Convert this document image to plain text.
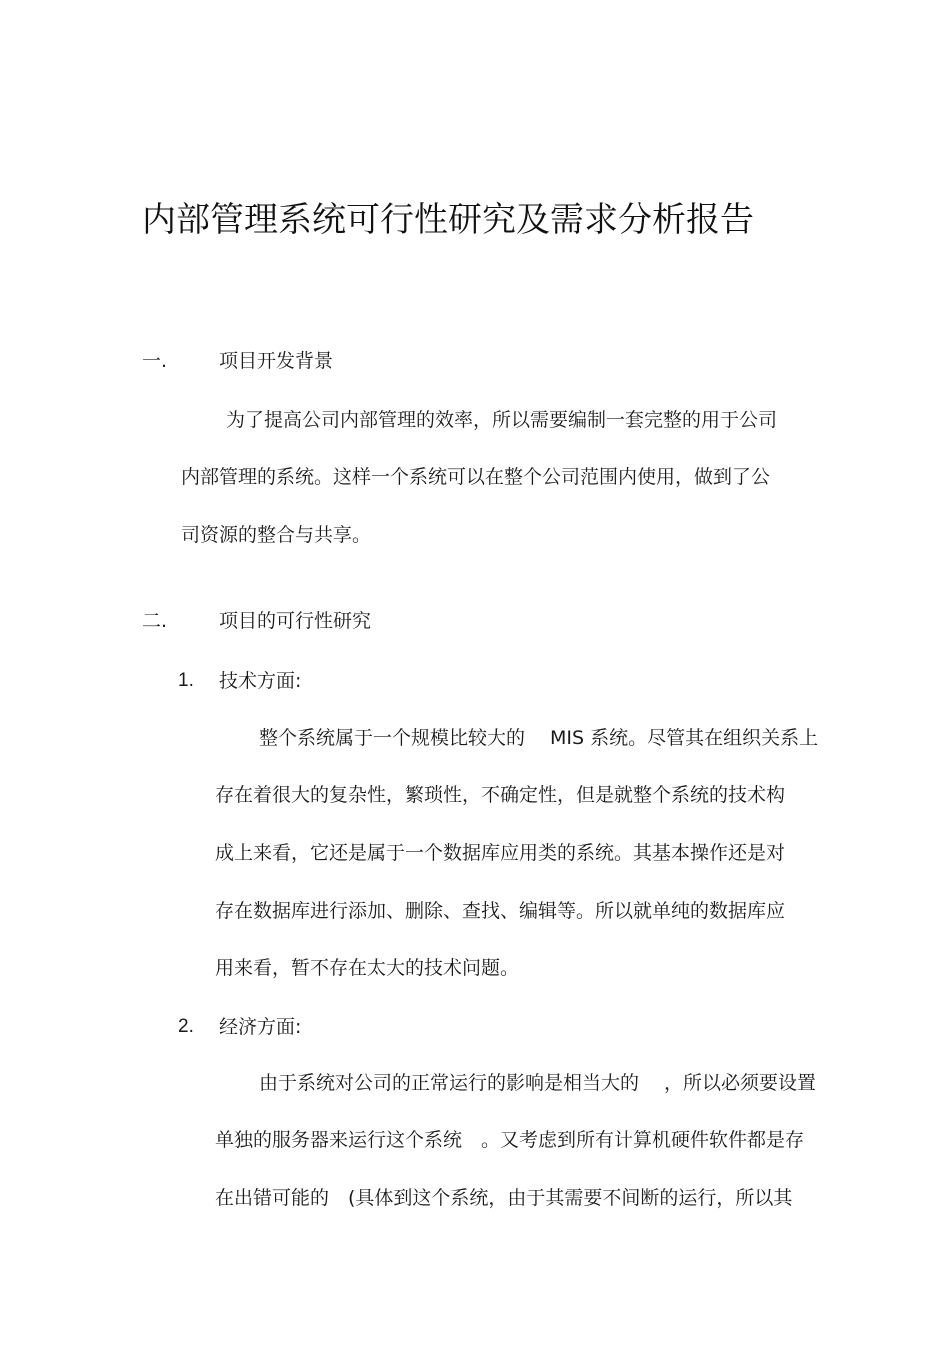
内部管理系统可行性研究及需求分析报告
一.	项目开发背景
为了提高公司内部管理的效率，所以需要编制一套完整的用于公司
内部管理的系统。这样一个系统可以在整个公司范围内使用，做到了公
司资源的整合与共享。
二.	项目的可行性研究
1. 技术方面:
整个系统属于一个规模比较大的　 MIS 系统。尽管其在组织关系上
存在着很大的复杂性，繁琐性，不确定性，但是就整个系统的技术构
成上来看，它还是属于一个数据库应用类的系统。其基本操作还是对
存在数据库进行添加、删除、查找、编辑等。所以就单纯的数据库应
用来看，暂不存在太大的技术问题。
2. 经济方面:
由于系统对公司的正常运行的影响是相当大的　 ，所以必须要设置
单独的服务器来运行这个系统　。又考虑到所有计算机硬件软件都是存
在出错可能的　(具体到这个系统，由于其需要不间断的运行，所以其
